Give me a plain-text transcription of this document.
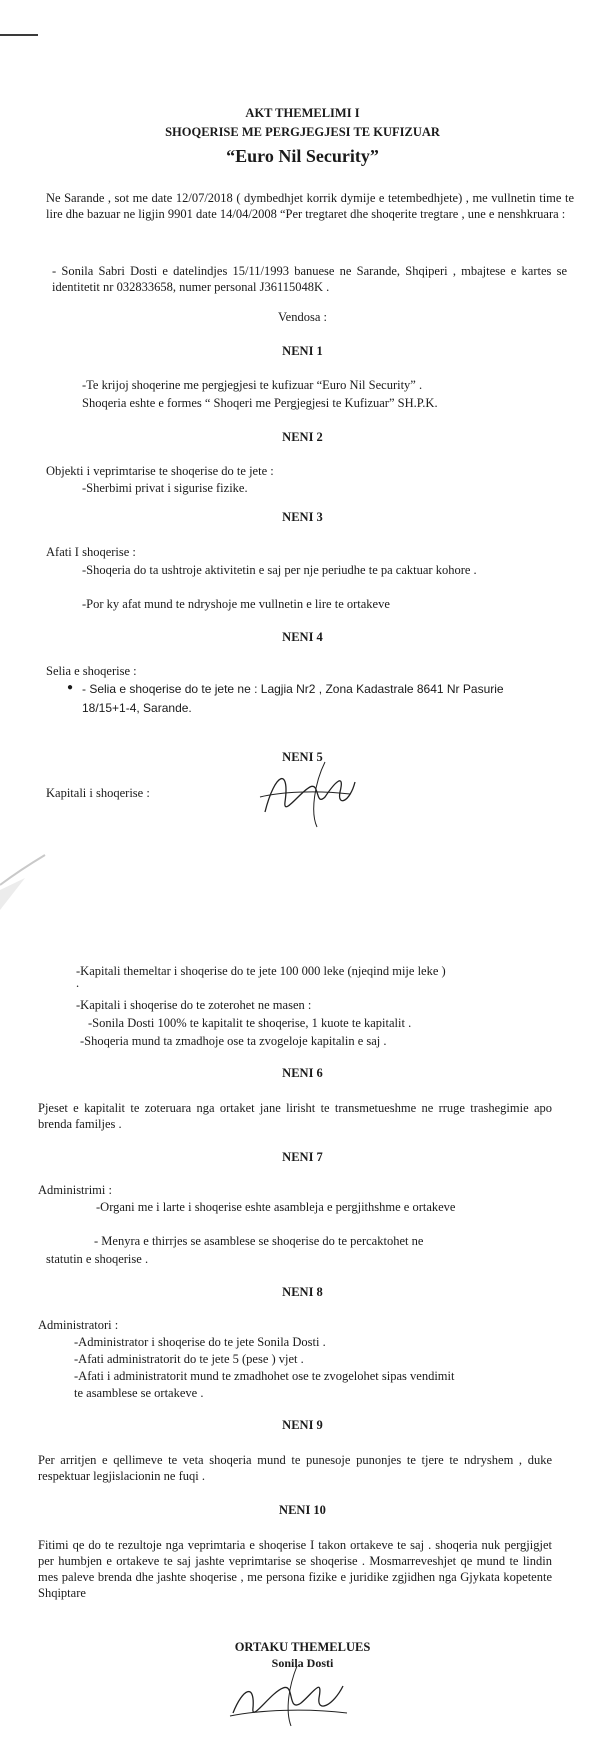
AKT THEMELIMI I
SHOQERISE ME PERGJEGJESI TE KUFIZUAR
“Euro Nil Security”
Ne Sarande , sot me date 12/07/2018 ( dymbedhjet korrik dymije e tetembedhjete) , me vullnetin time te lire dhe bazuar ne ligjin 9901 date 14/04/2008 “Per tregtaret dhe shoqerite tregtare , une e nenshkruara :
- Sonila Sabri Dosti e datelindjes 15/11/1993 banuese ne Sarande, Shqiperi , mbajtese e kartes se identitetit nr 032833658, numer personal J36115048K .
Vendosa :
NENI 1
-Te krijoj shoqerine me pergjegjesi te kufizuar “Euro Nil Security” .
Shoqeria eshte e formes “ Shoqeri me Pergjegjesi te Kufizuar” SH.P.K.
NENI 2
Objekti i veprimtarise te shoqerise do te jete :
-Sherbimi privat i sigurise fizike.
NENI 3
Afati I shoqerise :
-Shoqeria do ta ushtroje aktivitetin e saj per nje periudhe te pa caktuar kohore .
-Por ky afat mund te ndryshoje me vullnetin e lire te ortakeve
NENI 4
Selia e shoqerise :
● - Selia e shoqerise do te jete ne : Lagjia Nr2 , Zona Kadastrale 8641 Nr Pasurie 18/15+1-4, Sarande.
NENI 5
Kapitali i shoqerise :
-Kapitali themeltar i shoqerise do te jete 100 000 leke (njeqind mije leke )
.
-Kapitali i shoqerise do te zoterohet ne masen :
-Sonila Dosti 100% te kapitalit te shoqerise, 1 kuote te kapitalit .
-Shoqeria mund ta zmadhoje ose ta zvogeloje kapitalin e saj .
NENI 6
Pjeset e kapitalit te zoteruara nga ortaket jane lirisht te transmetueshme ne rruge trashegimie apo brenda familjes .
NENI 7
Administrimi :
-Organi me i larte i shoqerise eshte asambleja e pergjithshme e ortakeve
- Menyra e thirrjes se asamblese se shoqerise do te percaktohet ne
statutin e shoqerise .
NENI 8
Administratori :
-Administrator i shoqerise do te jete Sonila Dosti .
-Afati administratorit do te jete 5 (pese ) vjet .
-Afati i administratorit mund te zmadhohet ose te zvogelohet sipas vendimit
te asamblese se ortakeve .
NENI 9
Per arritjen e qellimeve te veta shoqeria mund te punesoje punonjes te tjere te ndryshem , duke respektuar legjislacionin ne fuqi .
NENI 10
Fitimi qe do te rezultoje nga veprimtaria e shoqerise I takon ortakeve te saj . shoqeria nuk pergjigjet per humbjen e ortakeve te saj jashte veprimtarise se shoqerise . Mosmarreveshjet qe mund te lindin mes paleve brenda dhe jashte shoqerise , me persona fizike e juridike zgjidhen nga Gjykata kopetente Shqiptare
ORTAKU THEMELUES
Sonila Dosti
